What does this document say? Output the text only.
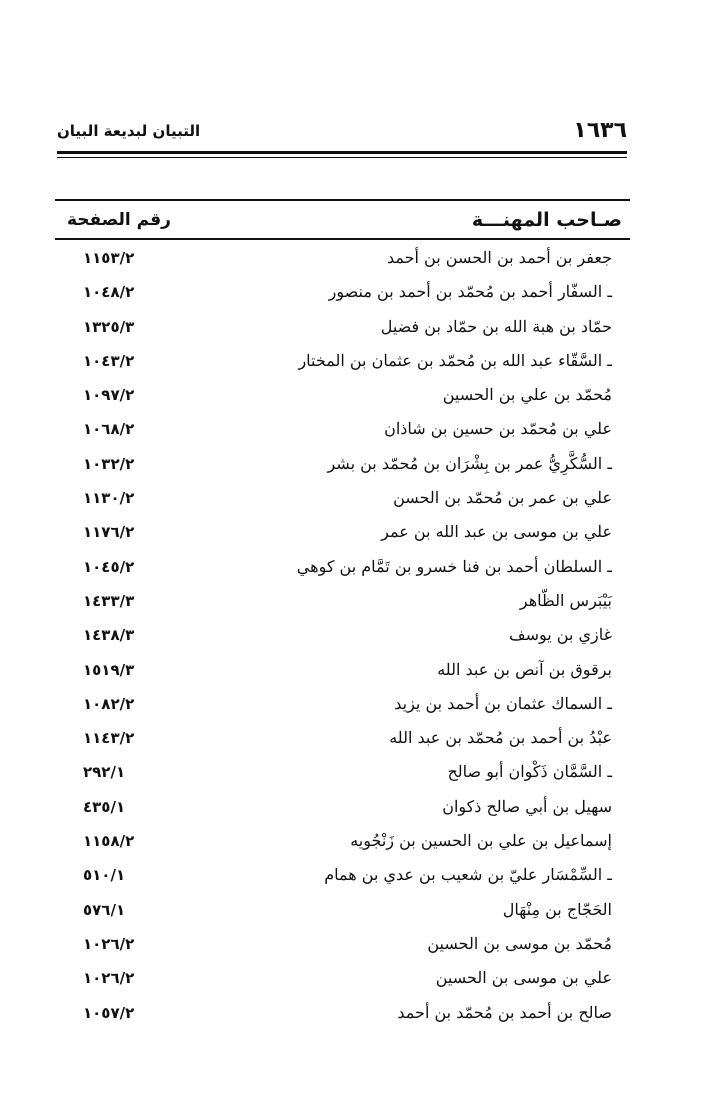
١٦٣٦
التبيان لبديعة البيان
صـاحب المهنـــة
رقم الصفحة
جعفر بن أحمد بن الحسن بن أحمد
١١٥٣/٢
ـ السفّار أحمد بن مُحمّد بن أحمد بن منصور
١٠٤٨/٢
حمّاد بن هبة الله بن حمّاد بن فضيل
١٣٢٥/٣
ـ السَّقّاء عبد الله بن مُحمّد بن عثمان بن المختار
١٠٤٣/٢
مُحمّد بن علي بن الحسين
١٠٩٧/٢
علي بن مُحمّد بن حسين بن شاذان
١٠٦٨/٢
ـ السُّكَّرِيُّ عمر بن بِشْرَان بن مُحمّد بن بشر
١٠٣٢/٢
علي بن عمر بن مُحمّد بن الحسن
١١٣٠/٢
علي بن موسى بن عبد الله بن عمر
١١٧٦/٢
ـ السلطان أحمد بن فنا خسرو بن تَمَّام بن كوهي
١٠٤٥/٢
بَيْبَرس الظّاهر
١٤٣٣/٣
غازي بن يوسف
١٤٣٨/٣
برقوق بن آنص بن عبد الله
١٥١٩/٣
ـ السماك عثمان بن أحمد بن يزيد
١٠٨٢/٢
عبْدُ بن أحمد بن مُحمّد بن عبد الله
١١٤٣/٢
ـ السَّمَّان ذَكْوان أبو صالح
٢٩٢/١
سهيل بن أبي صالح ذكوان
٤٣٥/١
إسماعيل بن علي بن الحسين بن زَنْجُويه
١١٥٨/٢
ـ السِّمْسَار عليّ بن شعيب بن عدي بن همام
٥١٠/١
الحَجّاج بن مِنْهَال
٥٧٦/١
مُحمّد بن موسى بن الحسين
١٠٢٦/٢
علي بن موسى بن الحسين
١٠٢٦/٢
صالح بن أحمد بن مُحمّد بن أحمد
١٠٥٧/٢
